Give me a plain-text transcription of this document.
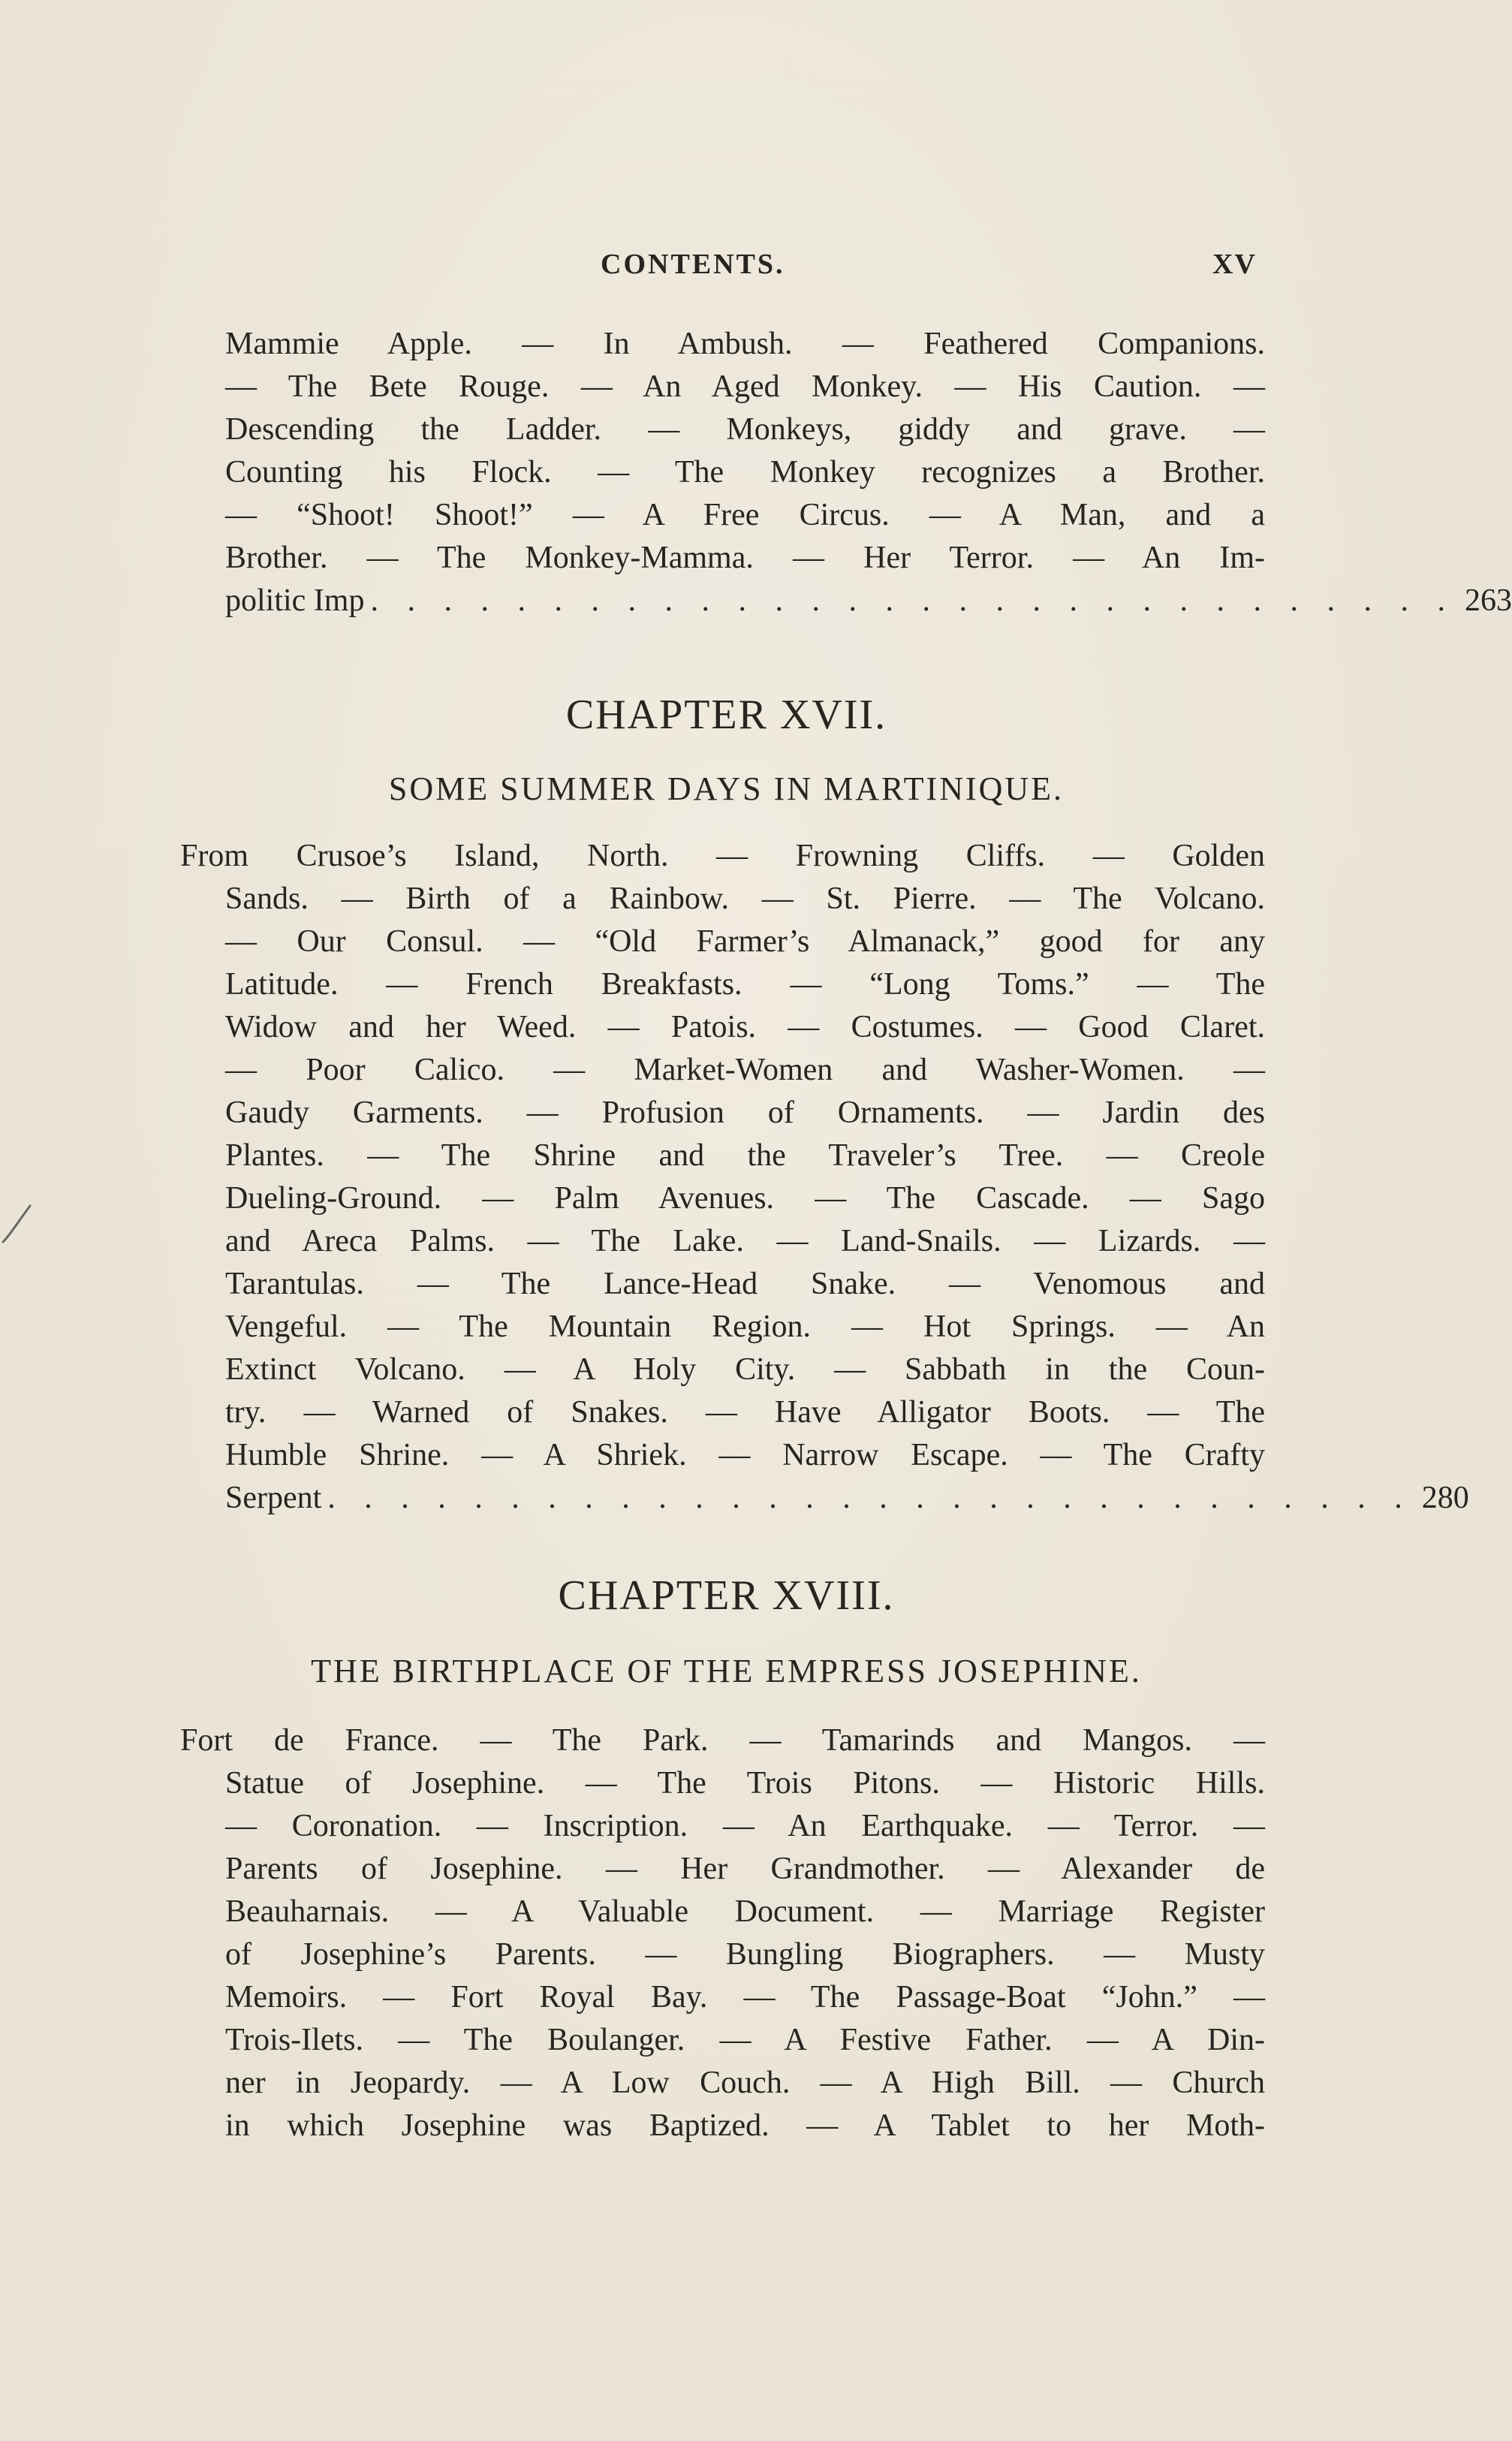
CONTENTS.	XV
Mammie Apple. — In Ambush. — Feathered Companions.
— The Bete Rouge. — An Aged Monkey. — His Caution. —
Descending the Ladder. — Monkeys, giddy and grave. —
Counting his Flock. — The Monkey recognizes a Brother.
— “Shoot! Shoot!” — A Free Circus. — A Man, and a
Brother. — The Monkey-Mamma. — Her Terror. — An Im-
politic Imp . . . . . . . . . . . . . . . . . . . . . . . . . . . . . . 263
CHAPTER XVII.
SOME SUMMER DAYS IN MARTINIQUE.
From Crusoe’s Island, North. — Frowning Cliffs. — Golden
Sands. — Birth of a Rainbow. — St. Pierre. — The Volcano.
— Our Consul. — “Old Farmer’s Almanack,” good for any
Latitude. — French Breakfasts. — “Long Toms.” — The
Widow and her Weed. — Patois. — Costumes. — Good Claret.
— Poor Calico. — Market-Women and Washer-Women. —
Gaudy Garments. — Profusion of Ornaments. — Jardin des
Plantes. — The Shrine and the Traveler’s Tree. — Creole
Dueling-Ground. — Palm Avenues. — The Cascade. — Sago
and Areca Palms. — The Lake. — Land-Snails. — Lizards. —
Tarantulas. — The Lance-Head Snake. — Venomous and
Vengeful. — The Mountain Region. — Hot Springs. — An
Extinct Volcano. — A Holy City. — Sabbath in the Coun-
try. — Warned of Snakes. — Have Alligator Boots. — The
Humble Shrine. — A Shriek. — Narrow Escape. — The Crafty
Serpent . . . . . . . . . . . . . . . . . . . . . . . . . . . . . . 280
CHAPTER XVIII.
THE BIRTHPLACE OF THE EMPRESS JOSEPHINE.
Fort de France. — The Park. — Tamarinds and Mangos. —
Statue of Josephine. — The Trois Pitons. — Historic Hills.
— Coronation. — Inscription. — An Earthquake. — Terror. —
Parents of Josephine. — Her Grandmother. — Alexander de
Beauharnais. — A Valuable Document. — Marriage Register
of Josephine’s Parents. — Bungling Biographers. — Musty
Memoirs. — Fort Royal Bay. — The Passage-Boat “John.” —
Trois-Ilets. — The Boulanger. — A Festive Father. — A Din-
ner in Jeopardy. — A Low Couch. — A High Bill. — Church
in which Josephine was Baptized. — A Tablet to her Moth-
